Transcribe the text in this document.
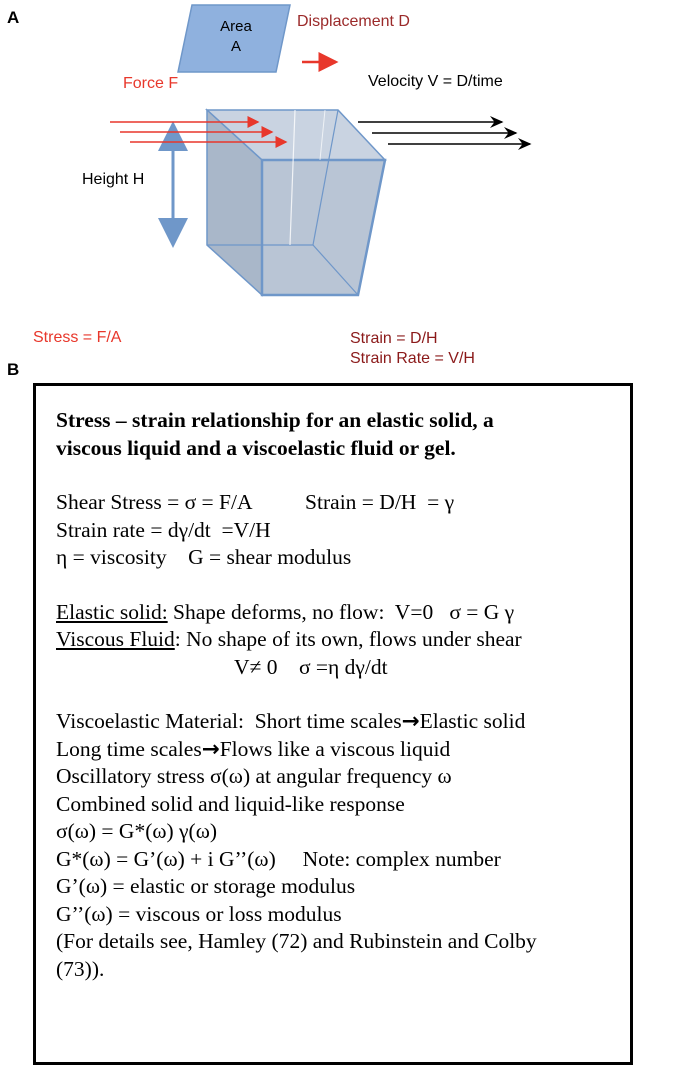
A	Area
A
Displacement D
Force F	Velocity V = D/time
Height H
Stress = F/A	Strain = D/H
Strain Rate = V/H
B
Stress – strain relationship for an elastic solid, a
viscous liquid and a viscoelastic fluid or gel.
Shear Stress = σ = F/A          Strain = D/H  = γ
Strain rate = dγ/dt  =V/H
η = viscosity    G = shear modulus
Elastic solid: Shape deforms, no flow:  V=0   σ = G γ
Viscous Fluid: No shape of its own, flows under shear
V≠ 0    σ =η dγ/dt
Viscoelastic Material:  Short time scales→Elastic solid
Long time scales→Flows like a viscous liquid
Oscillatory stress σ(ω) at angular frequency ω
Combined solid and liquid-like response
σ(ω) = G*(ω) γ(ω)
G*(ω) = G’(ω) + i G’’(ω)     Note: complex number
G’(ω) = elastic or storage modulus
G’’(ω) = viscous or loss modulus
(For details see, Hamley (72) and Rubinstein and Colby
(73)).
